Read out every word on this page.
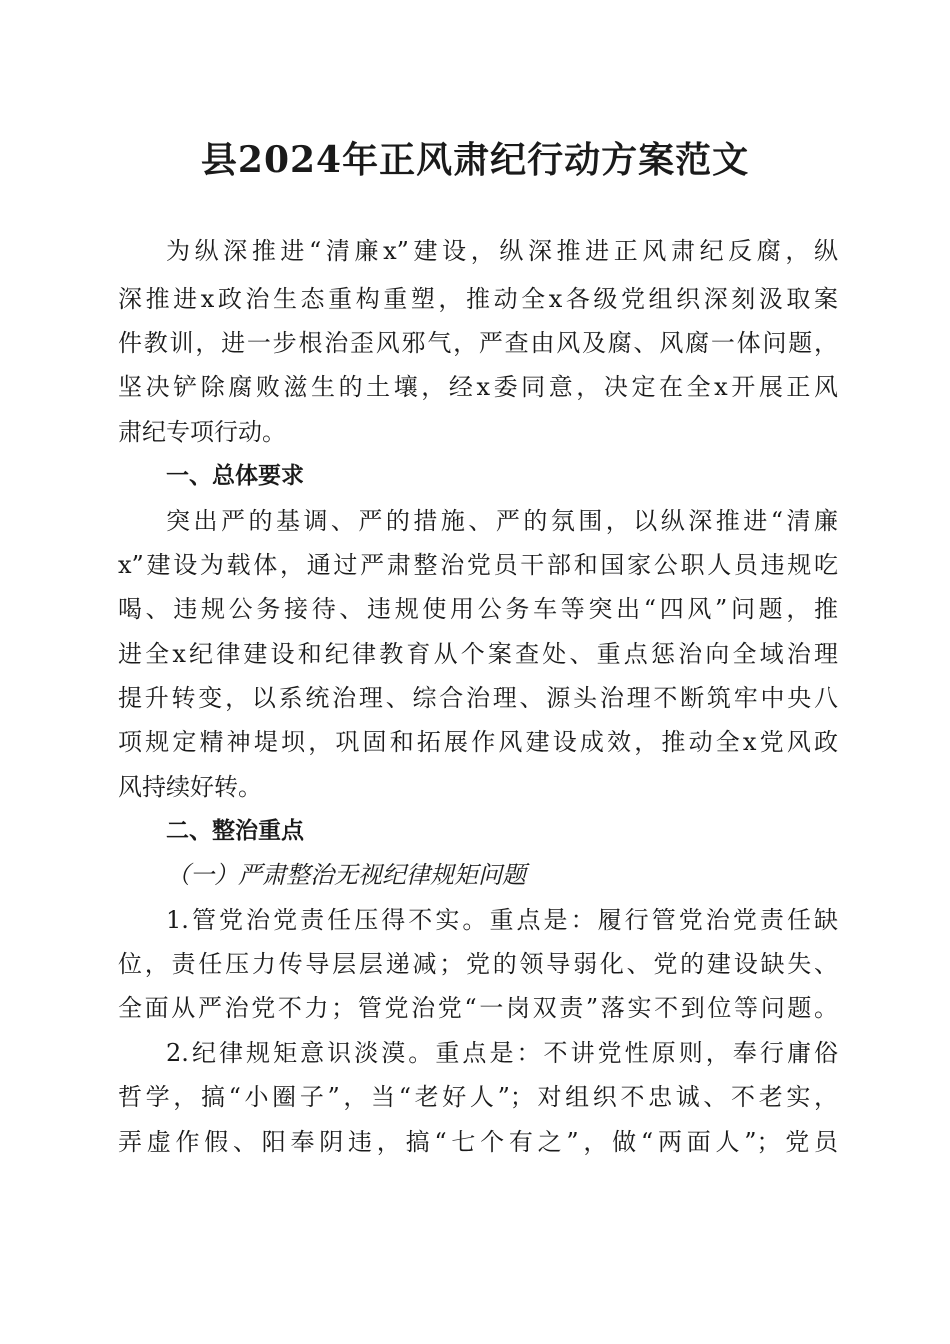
县2024年正风肃纪行动方案范文
为纵深推进“清廉x”建设，纵深推进正风肃纪反腐，纵
深推进x政治生态重构重塑，推动全x各级党组织深刻汲取案
件教训，进一步根治歪风邪气，严查由风及腐、风腐一体问题，
坚决铲除腐败滋生的土壤，经x委同意，决定在全x开展正风
肃纪专项行动。
一、总体要求
突出严的基调、严的措施、严的氛围，以纵深推进“清廉
x”建设为载体，通过严肃整治党员干部和国家公职人员违规吃
喝、违规公务接待、违规使用公务车等突出“四风”问题，推
进全x纪律建设和纪律教育从个案查处、重点惩治向全域治理
提升转变，以系统治理、综合治理、源头治理不断筑牢中央八
项规定精神堤坝，巩固和拓展作风建设成效，推动全x党风政
风持续好转。
二、整治重点
（一）严肃整治无视纪律规矩问题
1.管党治党责任压得不实。重点是：履行管党治党责任缺
位，责任压力传导层层递减；党的领导弱化、党的建设缺失、
全面从严治党不力；管党治党“一岗双责”落实不到位等问题。
2.纪律规矩意识淡漠。重点是：不讲党性原则，奉行庸俗
哲学，搞“小圈子”，当“老好人”；对组织不忠诚、不老实，
弄虚作假、阳奉阴违，搞“七个有之”，做“两面人”；党员
